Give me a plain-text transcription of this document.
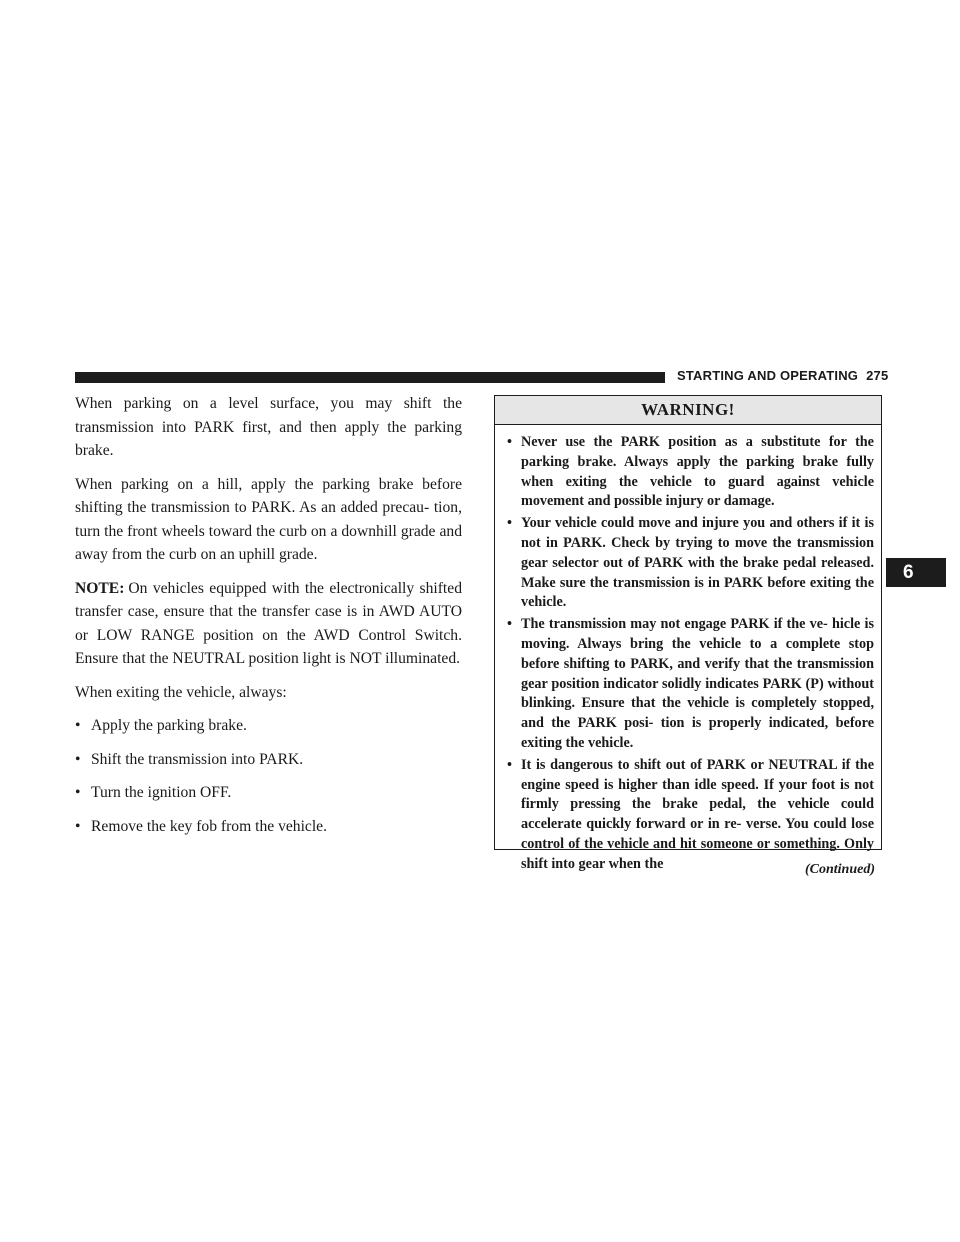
STARTING AND OPERATING 275
6

When parking on a level surface, you may shift the transmission into PARK first, and then apply the parking brake.

When parking on a hill, apply the parking brake before shifting the transmission to PARK. As an added precau- tion, turn the front wheels toward the curb on a downhill grade and away from the curb on an uphill grade.

NOTE: On vehicles equipped with the electronically shifted transfer case, ensure that the transfer case is in AWD AUTO or LOW RANGE position on the AWD Control Switch. Ensure that the NEUTRAL position light is NOT illuminated.

When exiting the vehicle, always:

• Apply the parking brake.
• Shift the transmission into PARK.
• Turn the ignition OFF.
• Remove the key fob from the vehicle.
WARNING!
• Never use the PARK position as a substitute for the parking brake. Always apply the parking brake fully when exiting the vehicle to guard against vehicle movement and possible injury or damage.
• Your vehicle could move and injure you and others if it is not in PARK. Check by trying to move the transmission gear selector out of PARK with the brake pedal released. Make sure the transmission is in PARK before exiting the vehicle.
• The transmission may not engage PARK if the ve- hicle is moving. Always bring the vehicle to a complete stop before shifting to PARK, and verify that the transmission gear position indicator solidly indicates PARK (P) without blinking. Ensure that the vehicle is completely stopped, and the PARK posi- tion is properly indicated, before exiting the vehicle.
• It is dangerous to shift out of PARK or NEUTRAL if the engine speed is higher than idle speed. If your foot is not firmly pressing the brake pedal, the vehicle could accelerate quickly forward or in re- verse. You could lose control of the vehicle and hit someone or something. Only shift into gear when the	(Continued)
